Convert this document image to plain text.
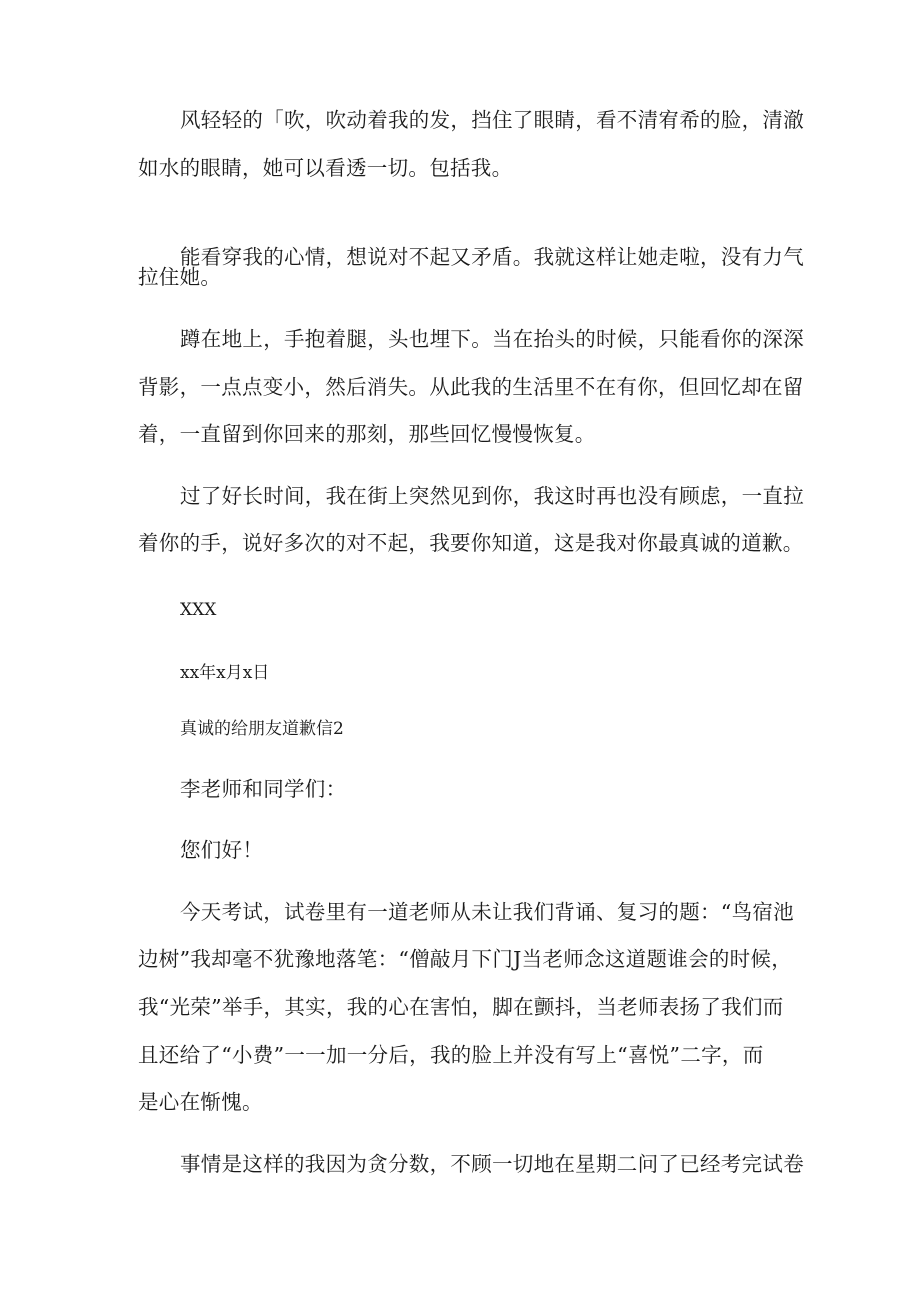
风轻轻的「吹，吹动着我的发，挡住了眼睛，看不清宥希的脸，清澈
如水的眼睛，她可以看透一切。包括我。
能看穿我的心情，想说对不起又矛盾。我就这样让她走啦，没有力气
拉住她。
蹲在地上，手抱着腿，头也埋下。当在抬头的时候，只能看你的深深
背影，一点点变小，然后消失。从此我的生活里不在有你，但回忆却在留
着，一直留到你回来的那刻，那些回忆慢慢恢复。
过了好长时间，我在街上突然见到你，我这时再也没有顾虑，一直拉
着你的手，说好多次的对不起，我要你知道，这是我对你最真诚的道歉。
XXX
xx年x月x日
真诚的给朋友道歉信2
李老师和同学们：
您们好！
今天考试，试卷里有一道老师从未让我们背诵、复习的题：“鸟宿池
边树”我却毫不犹豫地落笔：“僧敲月下门J当老师念这道题谁会的时候，
我“光荣”举手，其实，我的心在害怕，脚在颤抖，当老师表扬了我们而
且还给了“小费”一一加一分后，我的脸上并没有写上“喜悦”二字，而
是心在惭愧。
事情是这样的我因为贪分数，不顾一切地在星期二问了已经考完试卷
